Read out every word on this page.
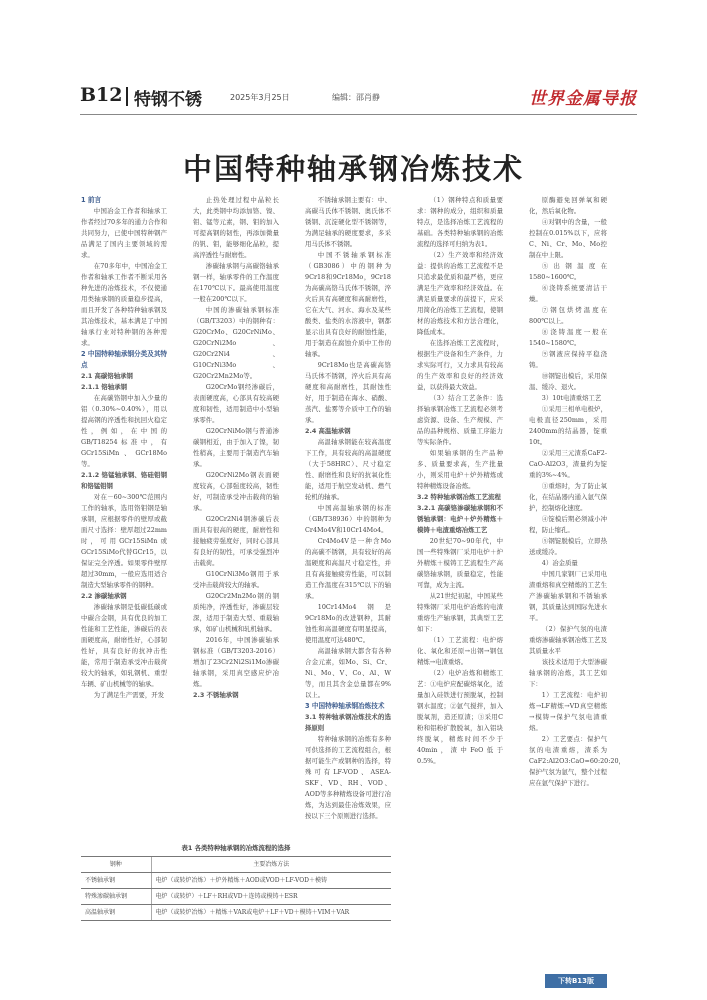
B12 特钢不锈	2025年3月25日	编辑：邵肖静	世界金属导报
中国特种轴承钢冶炼技术

1 前言

中国冶金工作者和轴承工作者经过70多年的通力合作和共同努力，已使中国特种钢产品满足了国内主要领域的需求。

在70多年中，中国冶金工作者和轴承工作者不断采用各种先进的冶炼技术，不仅使通用类轴承钢的质量稳步提高，而且开发了各种特种轴承钢及其冶炼技术，基本满足了中国轴承行业对特种钢的各种需求。

2 中国特种轴承钢分类及其特点

2.1 高碳铬轴承钢

2.1.1 铬轴承钢

在高碳铬钢中加入少量的铝（0.30%~0.40%），用以提高钢的淬透性和抗回火稳定性，例如，在中国的GB/T18254标准中，有GCr15SiMn、GCr18Mo等。

2.1.2 铬锰轴承钢、铬硅钼钢和铬锰钼钢

对在－60~300℃范围内工作的轴承，选用铬钼钢是轴承钢，应根据零件的壁厚或截面尺寸选择：壁厚超过22mm时，可用GCr15SiMn或GCr15SiMo代替GCr15，以保证完全淬透。如果零件壁厚超过30mm，一般应选用适合制造大型轴承零件的钢种。

2.2 渗碳轴承钢

渗碳轴承钢是低碳低碳或中碳合金钢，具有优良的加工性能和工艺性能，渗碳后的表面硬度高，耐磨性好，心部韧性好，具有良好的抗冲击性能，常用于制造承受冲击载荷较大的轴承，如轧钢机、重型车辆、矿山机械等的轴承。

为了满足生产需要，开发

止热处理过程中晶粒长大，此类钢中均添加铬、镍、钼、锰等元素，钢、钼的加入可提高钢的韧性，再添加微量的钒、钼，能够细化晶粒，提高淬透性与耐磨性。

渗碳轴承钢与高碳铬轴承钢一样，轴承零件的工作温度在170℃以下。最高使用温度一般在200℃以下。

中国的渗碳轴承钢标准（GB/T3203）中的钢种有：G20CrMo、G20CrNiMo、G20CrNi2Mo、G20Cr2Ni4、G10CrNi3Mo、G20Cr2Mn2Mo等。

G20CrMo钢经渗碳后，表面硬度高，心部具有较高硬度和韧性，适用制造中小型轴承零件。

G20CrNiMo钢与普通渗碳钢相近，由于加入了镍，韧性稍高，主要用于制造汽车轴承。

G20CrNi2Mo钢表面硬度较高，心部强度较高，韧性好，可制造承受冲击载荷的轴承。

G20Cr2Ni4钢渗碳后表面具有很高的硬度，耐磨性和接触疲劳强度好，同时心部具有良好的韧性，可承受强烈冲击载荷。

G10CrNi3Mo钢用于承受冲击载荷较大的轴承。

G20Cr2Mn2Mo钢的钢质纯净，淬透性好，渗碳层较深，适用于制造大型、重载轴承，如矿山机械和轧机轴承。

2016年，中国渗碳轴承钢标准（GB/T3203-2016）增加了23Cr2Ni2Si1Mo渗碳轴承钢，采用真空感应炉冶炼。

2.3 不锈轴承钢

不锈轴承钢主要有：中、高碳马氏体不锈钢、奥氏体不锈钢、沉淀硬化型不锈钢等，为满足轴承的硬度要求，多采用马氏体不锈钢。

中国不锈轴承钢标准（GB3086）中的钢种为9Cr18和9Cr18Mo，9Cr18为高碳高铬马氏体不锈钢，淬火后具有高硬度和高耐磨性，它在大气、河水、海水及某些酸类、盐类的水溶液中，钢都显示出具有良好的耐蚀性能，用于制造在腐蚀介质中工作的轴承。

9Cr18Mo也是高碳高铬马氏体不锈钢，淬火后具有高硬度和高耐磨性，其耐蚀性好，用于制造在海水、硝酸、蒸汽、盐雾等介质中工作的轴承。

2.4 高温轴承钢

高温轴承钢能在较高温度下工作，具有较高的高温硬度（大于58HRC）、尺寸稳定性、耐磨性和良好的抗氧化性能，适用于航空发动机、燃气轮机的轴承。

中国高温轴承钢的标准（GB/T38936）中的钢种为Cr4Mo4V和10Cr14Mo4。

Cr4Mo4V是一种含Mo的高碳不锈钢，具有较好的高温硬度和高温尺寸稳定性，并且有高接触疲劳性能，可以制造工作温度在315℃以下的轴承。

10Cr14Mo4钢是9Cr18Mo的改进钢种，其耐蚀性和高温硬度有明显提高，使用温度可达480℃。

高温轴承钢大都含有各种合金元素，如Mo、Si、Cr、Ni、Mo、V、Co、Al、W等，而且其含金总量都在9%以上。

3 中国特种轴承钢冶炼技术

3.1 特种轴承钢冶炼技术的选择原则

特种轴承钢的冶炼有多种可供选择的工艺流程组合，根据可能生产或钢种的选择，特殊可有LF-VOD、ASEA-SKF、VD、RH、VOD、AOD等多种精炼设备可进行冶炼，为达到最佳冶炼效果，应按以下三个原则进行选择。

（1）钢种特点和质量要求：钢种的成分，组织和质量特点，是选择冶炼工艺流程的基础。各类特种轴承钢的冶炼流程的选择可归纳为表1。

（2）生产效率和经济效益：提供的冶炼工艺流程不是只追求最优质和最严格，更应满足生产效率和经济效益。在满足质量要求的前提下，应采用简化的冶炼工艺流程，使钢材的冶炼技术和方法合理化，降低成本。

在选择冶炼工艺流程时，根据生产设备和生产条件，力求实际可行，又力求具有较高的生产效率和良好的经济效益，以获得最大效益。

（3）结合工艺条件：选择轴承钢冶炼工艺流程必须考虑资源、设备、生产规模、产品的品种规格、质量工序能力等实际条件。

如果轴承钢的生产品种多、质量要求高，生产批量小，则采用电炉＋炉外精炼或特种精炼设备冶炼。

3.2 特种轴承钢冶炼工艺流程

3.2.1 高碳铬渗碳轴承钢和不锈轴承钢：电炉＋炉外精炼＋模铸＋电渣重熔冶炼工艺

20世纪70~90年代，中国一些特殊钢厂采用电炉＋炉外精炼＋模铸工艺流程生产高碳铬轴承钢，质量稳定，性能可靠，成为主流。

从21世纪初起，中国某些特殊钢厂采用电炉冶炼的电渣重熔生产轴承钢，其典型工艺如下：

（1）工艺流程：电炉熔化、氧化和还原→出钢→钢包精炼→电渣重熔。

（2）电炉冶炼和精炼工艺：①电炉应配碳熔氧化，适量加入硅铁进行预脱氧，控制钢水温度；②氩气搅拌，加入脱氧剂，造还原渣；③采用C粉和铝粉扩散脱氧，加入铝块终脱氧，精炼时间不少于40min，渣中FeO低于0.5%。

原酶避免回弹氧和硬化，然后氧化物。

④对钢中的含量，一般控制在0.015%以下，应将C、Ni、Cr、Mo、Mo控制在中上限。

⑤出钢温度在1580~1600℃。

⑥浇铸系统要清洁干燥。

⑦钢包烘烤温度在800℃以上。

⑧浇铸温度一般在1540~1580℃。

⑨钢液应保持平稳浇铸。

⑩钢锭出模后，采用保温、缓冷、退火。

3）10t电渣重熔工艺

①采用三相单电极炉，电极直径250mm，采用2400mm的结晶器，锭重10t。

②采用三元渣系CaF2-CaO-Al2O3，渣量约为锭重的3%~4%。

③重熔时，为了防止氧化，在结晶器内通入氩气保护，控制熔化速度。

④锭模后期必须减小冲程，防止缩孔。

⑤钢锭脱模后，立即热送或缓冷。

4）冶金质量

中国几家钢厂已采用电渣重熔和真空精炼的工艺生产渗碳轴承钢和不锈轴承钢，其质量达到国际先进水平。

（2）保护气氛的电渣重熔渗碳轴承钢冶炼工艺及其质量水平

该技术适用于大型渗碳轴承钢的冶炼，其工艺如下：

1）工艺流程：电炉初炼→LF精炼→VD真空精炼→模铸→保护气氛电渣重熔。

2）工艺要点：保护气氛的电渣重熔，渣系为CaF2:Al2O3:CaO=60:20:20，保护气氛为氩气，整个过程应在氩气保护下进行。

表1 各类特种轴承钢的冶炼流程的选择
钢种	主要冶炼方法
不锈轴承钢	电炉（或转炉冶炼）＋炉外精炼＋AOD或VOD＋LF-VOD＋模铸
特殊渗碳轴承钢	电炉（或转炉）＋LF＋RH或VD＋连铸或模铸＋ESR
高温轴承钢	电炉（或转炉冶炼）＋精炼＋VAR或电炉＋LF＋VD＋模铸＋VIM＋VAR
下转B13版
